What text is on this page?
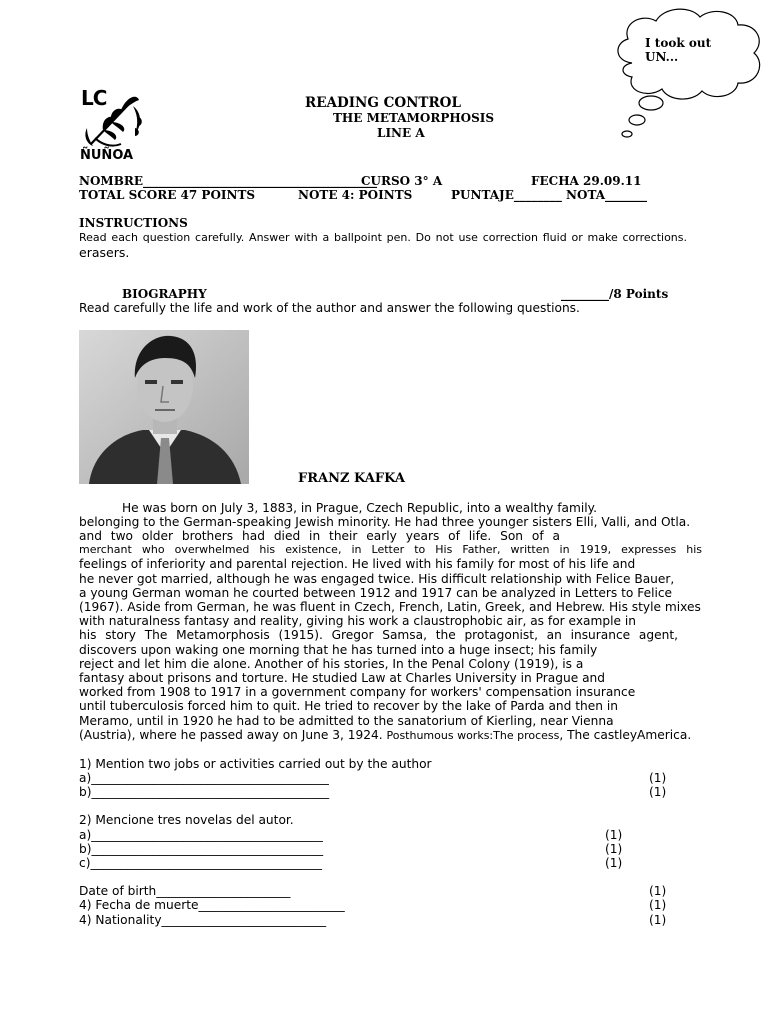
I took out
UN...
LC
ÑUÑOA
READING CONTROL
THE METAMORPHOSIS
LINE A
NOMBRE_______________________________________
CURSO 3° A	FECHA 29.09.11
TOTAL SCORE 47 POINTS	NOTE 4: POINTS	PUNTAJE________ NOTA_______
INSTRUCTIONS
Read each question carefully. Answer with a ballpoint pen. Do not use correction fluid or make corrections.
erasers.
BIOGRAPHY	________/8 Points
Read carefully the life and work of the author and answer the following questions.
FRANZ KAFKA
He was born on July 3, 1883, in Prague, Czech Republic, into a wealthy family.
belonging to the German-speaking Jewish minority. He had three younger sisters Elli, Valli, and Otla.
and two older brothers had died in their early years of life. Son of a
merchant who overwhelmed his existence, in Letter to His Father, written in 1919, expresses his
feelings of inferiority and parental rejection. He lived with his family for most of his life and
he never got married, although he was engaged twice. His difficult relationship with Felice Bauer,
a young German woman he courted between 1912 and 1917 can be analyzed in Letters to Felice
(1967). Aside from German, he was fluent in Czech, French, Latin, Greek, and Hebrew. His style mixes
with naturalness fantasy and reality, giving his work a claustrophobic air, as for example in
his story The Metamorphosis (1915). Gregor Samsa, the protagonist, an insurance agent,
discovers upon waking one morning that he has turned into a huge insect; his family
reject and let him die alone. Another of his stories, In the Penal Colony (1919), is a
fantasy about prisons and torture. He studied Law at Charles University in Prague and
worked from 1908 to 1917 in a government company for workers' compensation insurance
until tuberculosis forced him to quit. He tried to recover by the lake of Parda and then in
Meramo, until in 1920 he had to be admitted to the sanatorium of Kierling, near Vienna
(Austria), where he passed away on June 3, 1924. Posthumous works:The process, The castleyAmerica.
1) Mention two jobs or activities carried out by the author
a)_______________________________________	(1)
b)_______________________________________	(1)
2) Mencione tres novelas del autor.
a)______________________________________	(1)
b)______________________________________	(1)
c)______________________________________	(1)
Date of birth______________________	(1)
4) Fecha de muerte________________________	(1)
4) Nationality___________________________	(1)
